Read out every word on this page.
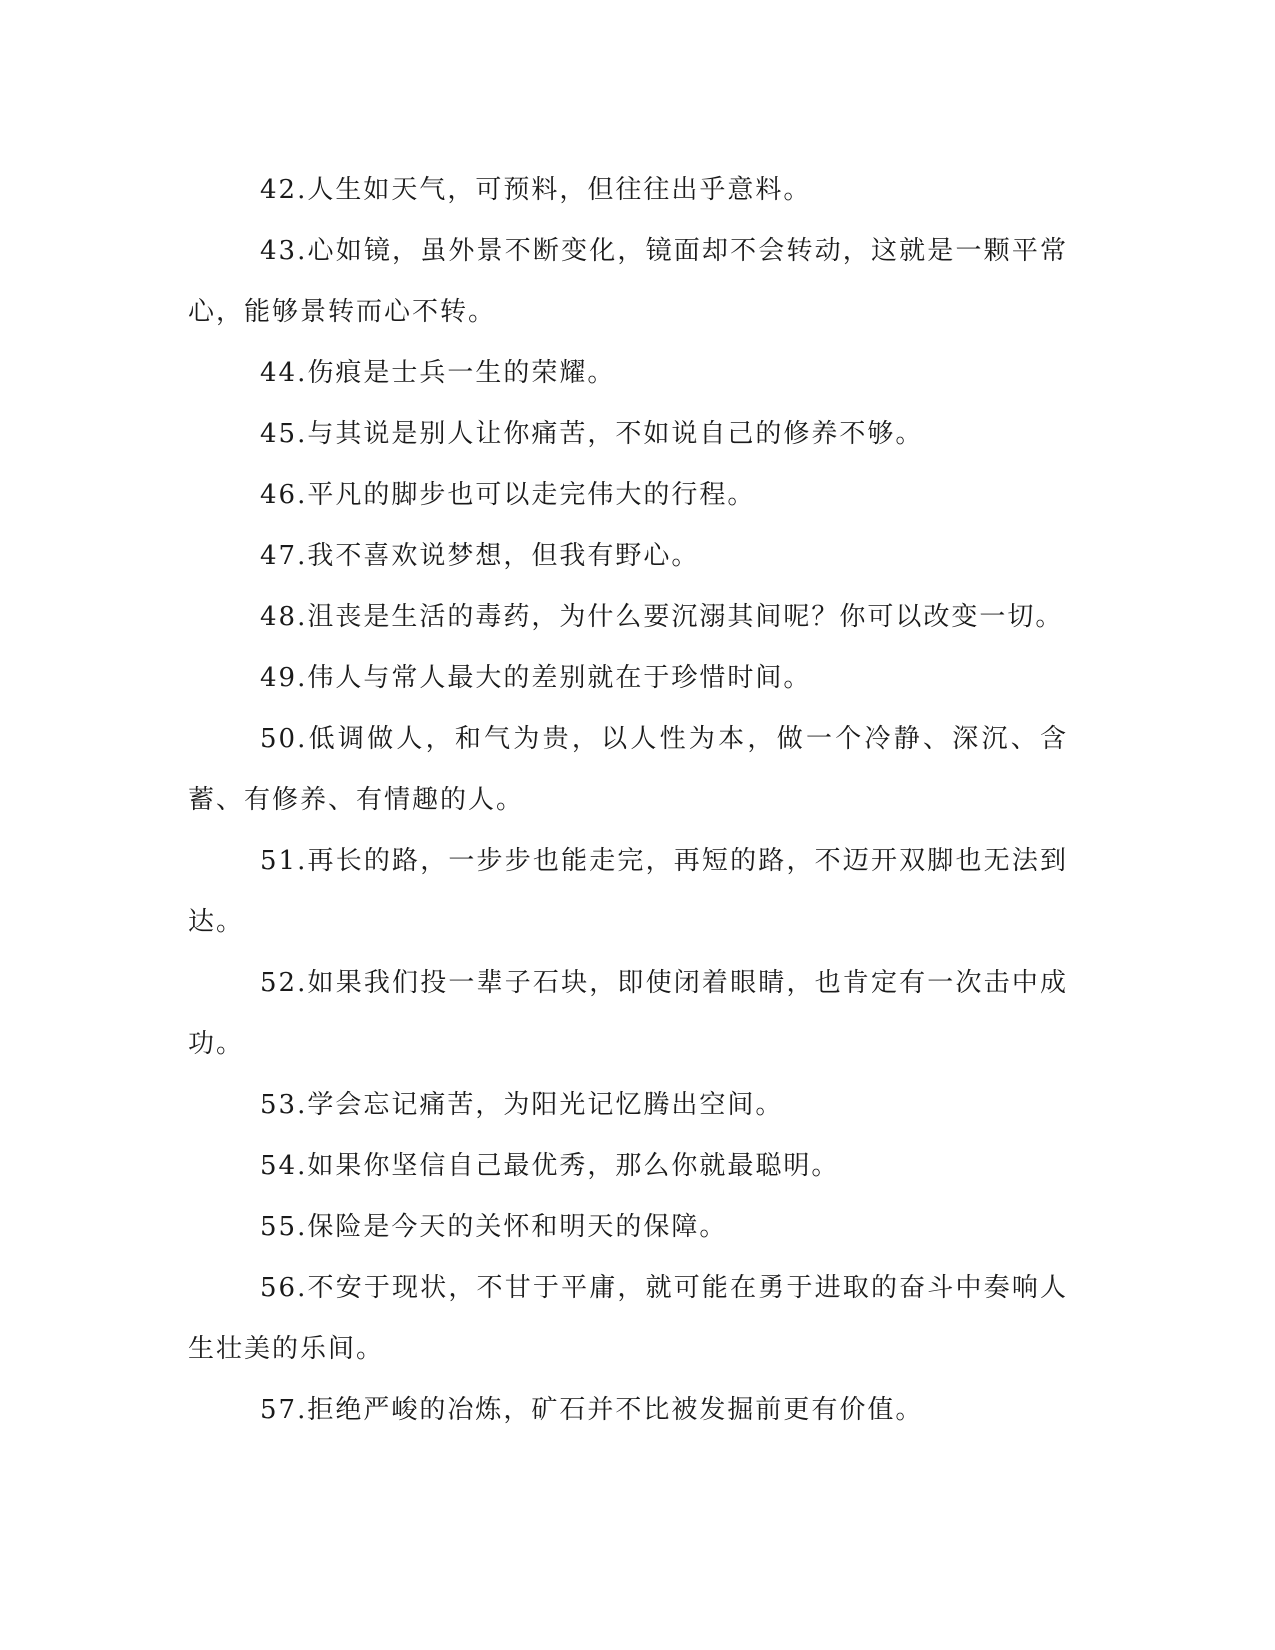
42.人生如天气，可预料，但往往出乎意料。

43.心如镜，虽外景不断变化，镜面却不会转动，这就是一颗平常心，能够景转而心不转。

44.伤痕是士兵一生的荣耀。

45.与其说是别人让你痛苦，不如说自己的修养不够。

46.平凡的脚步也可以走完伟大的行程。

47.我不喜欢说梦想，但我有野心。

48.沮丧是生活的毒药，为什么要沉溺其间呢？你可以改变一切。

49.伟人与常人最大的差别就在于珍惜时间。

50.低调做人，和气为贵，以人性为本，做一个冷静、深沉、含蓄、有修养、有情趣的人。

51.再长的路，一步步也能走完，再短的路，不迈开双脚也无法到达。

52.如果我们投一辈子石块，即使闭着眼睛，也肯定有一次击中成功。

53.学会忘记痛苦，为阳光记忆腾出空间。

54.如果你坚信自己最优秀，那么你就最聪明。

55.保险是今天的关怀和明天的保障。

56.不安于现状，不甘于平庸，就可能在勇于进取的奋斗中奏响人生壮美的乐间。

57.拒绝严峻的冶炼，矿石并不比被发掘前更有价值。
